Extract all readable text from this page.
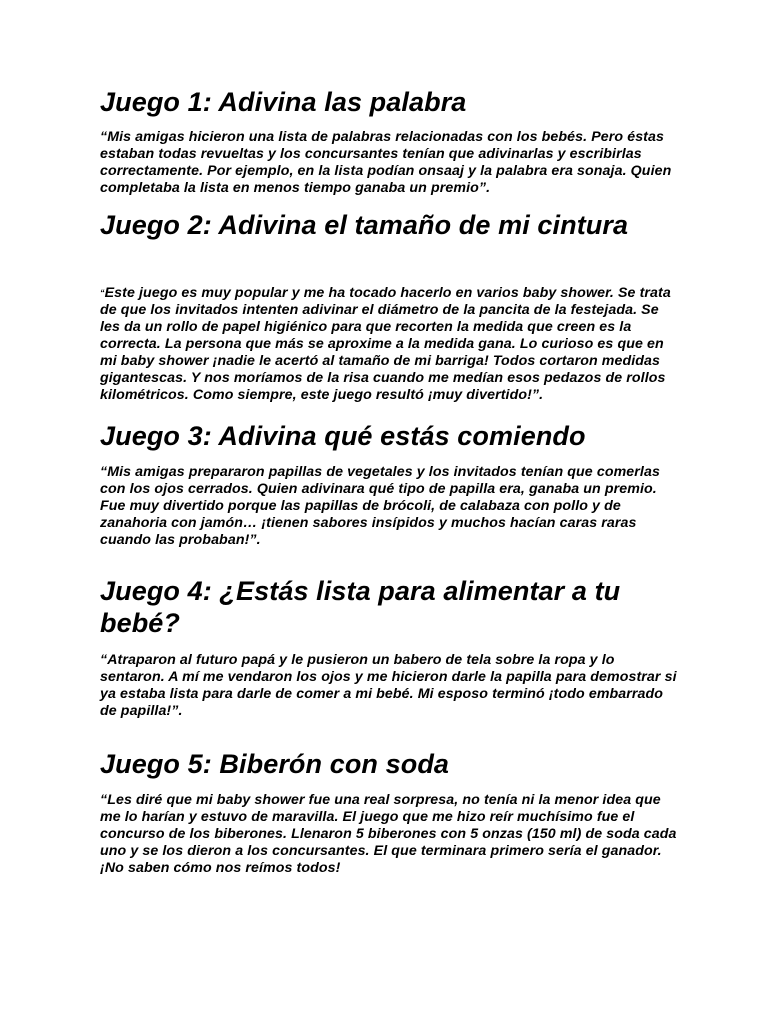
Juego 1: Adivina las palabra

“Mis amigas hicieron una lista de palabras relacionadas con los bebés. Pero éstas estaban todas revueltas y los concursantes tenían que adivinarlas y escribirlas correctamente. Por ejemplo, en la lista podían onsaaj y la palabra era sonaja. Quien completaba la lista en menos tiempo ganaba un premio”.

Juego 2: Adivina el tamaño de mi cintura

“Este juego es muy popular y me ha tocado hacerlo en varios baby shower. Se trata de que los invitados intenten adivinar el diámetro de la pancita de la festejada. Se les da un rollo de papel higiénico para que recorten la medida que creen es la correcta. La persona que más se aproxime a la medida gana. Lo curioso es que en mi baby shower ¡nadie le acertó al tamaño de mi barriga! Todos cortaron medidas gigantescas. Y nos moríamos de la risa cuando me medían esos pedazos de rollos kilométricos. Como siempre, este juego resultó ¡muy divertido!”.

Juego 3: Adivina qué estás comiendo

“Mis amigas prepararon papillas de vegetales y los invitados tenían que comerlas con los ojos cerrados. Quien adivinara qué tipo de papilla era, ganaba un premio. Fue muy divertido porque las papillas de brócoli, de calabaza con pollo y de zanahoria con jamón… ¡tienen sabores insípidos y muchos hacían caras raras cuando las probaban!”.

Juego 4: ¿Estás lista para alimentar a tu bebé?

“Atraparon al futuro papá y le pusieron un babero de tela sobre la ropa y lo sentaron. A mí me vendaron los ojos y me hicieron darle la papilla para demostrar si ya estaba lista para darle de comer a mi bebé. Mi esposo terminó ¡todo embarrado de papilla!”.

Juego 5: Biberón con soda

“Les diré que mi baby shower fue una real sorpresa, no tenía ni la menor idea que me lo harían y estuvo de maravilla. El juego que me hizo reír muchísimo fue el concurso de los biberones. Llenaron 5 biberones con 5 onzas (150 ml) de soda cada uno y se los dieron a los concursantes. El que terminara primero sería el ganador. ¡No saben cómo nos reímos todos!
